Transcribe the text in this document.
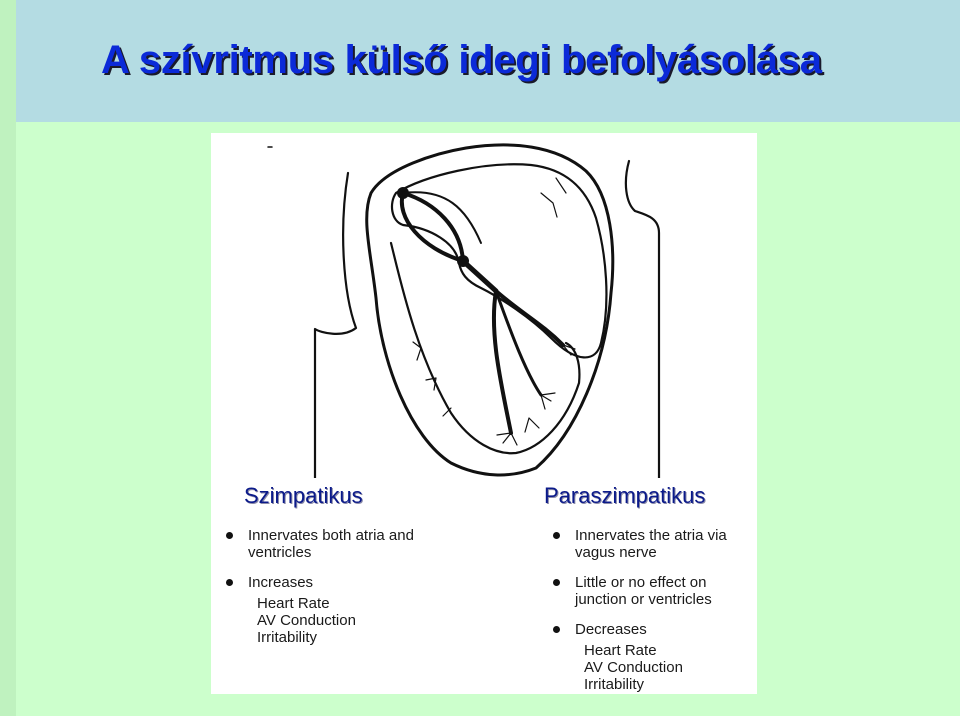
A szívritmus külső idegi befolyásolása
Szimpatikus	Paraszimpatikus
Innervates both atria and ventricles
Increases
Heart Rate
AV Conduction
Irritability
Innervates the atria via vagus nerve
Little or no effect on junction or ventricles
Decreases
Heart Rate
AV Conduction
Irritability
